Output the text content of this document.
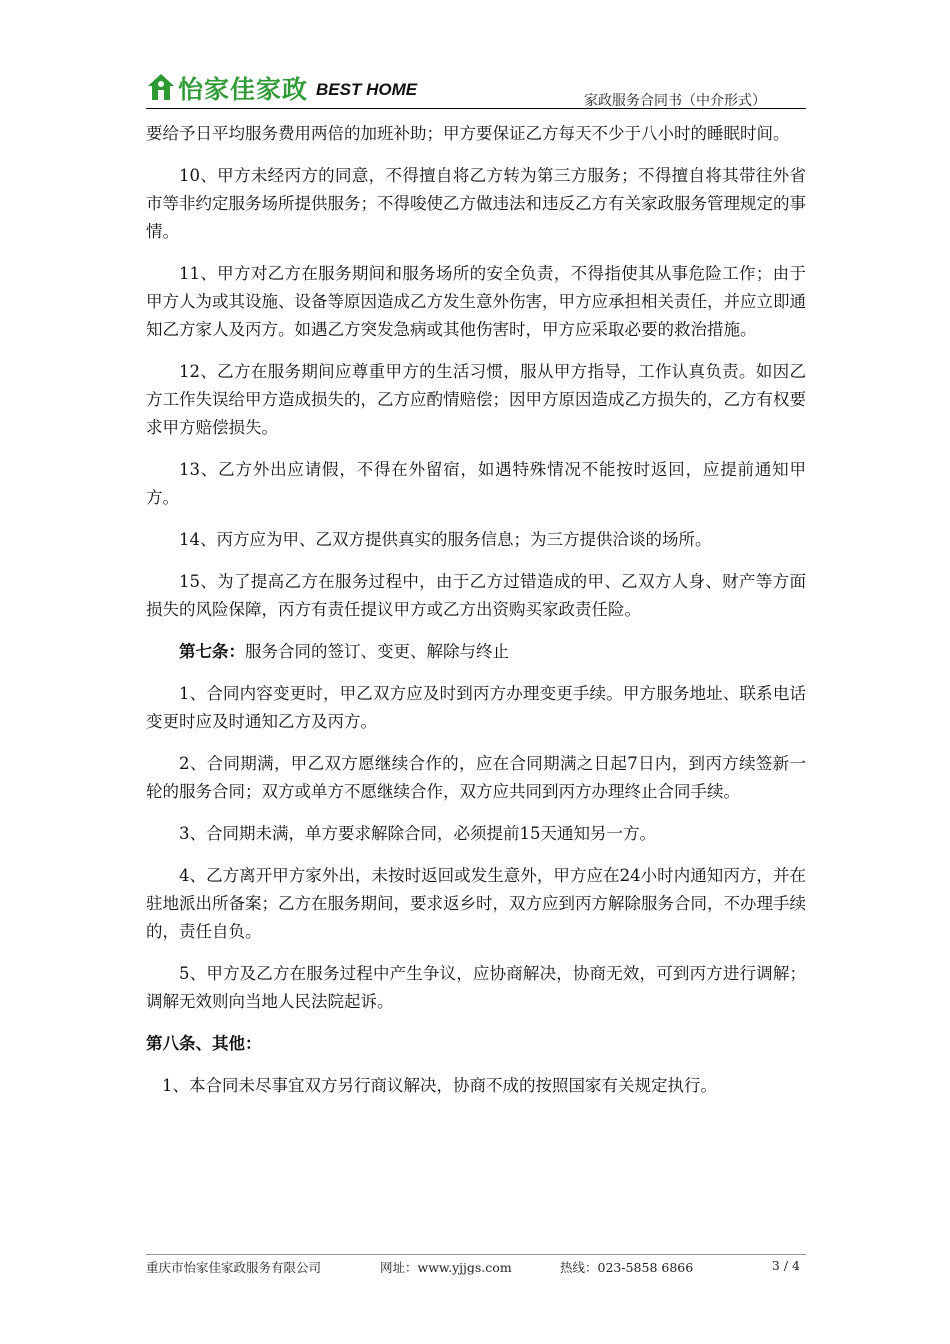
怡家佳家政 BEST HOME
家政服务合同书（中介形式）

要给予日平均服务费用两倍的加班补助；甲方要保证乙方每天不少于八小时的睡眠时间。

10、甲方未经丙方的同意，不得擅自将乙方转为第三方服务；不得擅自将其带往外省市等非约定服务场所提供服务；不得唆使乙方做违法和违反乙方有关家政服务管理规定的事情。

11、甲方对乙方在服务期间和服务场所的安全负责，不得指使其从事危险工作；由于甲方人为或其设施、设备等原因造成乙方发生意外伤害，甲方应承担相关责任，并应立即通知乙方家人及丙方。如遇乙方突发急病或其他伤害时，甲方应采取必要的救治措施。

12、乙方在服务期间应尊重甲方的生活习惯，服从甲方指导，工作认真负责。如因乙方工作失误给甲方造成损失的，乙方应酌情赔偿；因甲方原因造成乙方损失的，乙方有权要求甲方赔偿损失。

13、乙方外出应请假，不得在外留宿，如遇特殊情况不能按时返回，应提前通知甲方。

14、丙方应为甲、乙双方提供真实的服务信息；为三方提供洽谈的场所。

15、为了提高乙方在服务过程中，由于乙方过错造成的甲、乙双方人身、财产等方面损失的风险保障，丙方有责任提议甲方或乙方出资购买家政责任险。

第七条：服务合同的签订、变更、解除与终止

1、合同内容变更时，甲乙双方应及时到丙方办理变更手续。甲方服务地址、联系电话变更时应及时通知乙方及丙方。

2、合同期满，甲乙双方愿继续合作的，应在合同期满之日起7日内，到丙方续签新一轮的服务合同；双方或单方不愿继续合作，双方应共同到丙方办理终止合同手续。

3、合同期未满，单方要求解除合同，必须提前15天通知另一方。

4、乙方离开甲方家外出，未按时返回或发生意外，甲方应在24小时内通知丙方，并在驻地派出所备案；乙方在服务期间，要求返乡时，双方应到丙方解除服务合同，不办理手续的，责任自负。

5、甲方及乙方在服务过程中产生争议，应协商解决，协商无效，可到丙方进行调解；调解无效则向当地人民法院起诉。

第八条、其他：

1、本合同未尽事宜双方另行商议解决，协商不成的按照国家有关规定执行。

重庆市怡家佳家政服务有限公司	网址：www.yjjgs.com	热线：023-5858 6866	3 / 4
